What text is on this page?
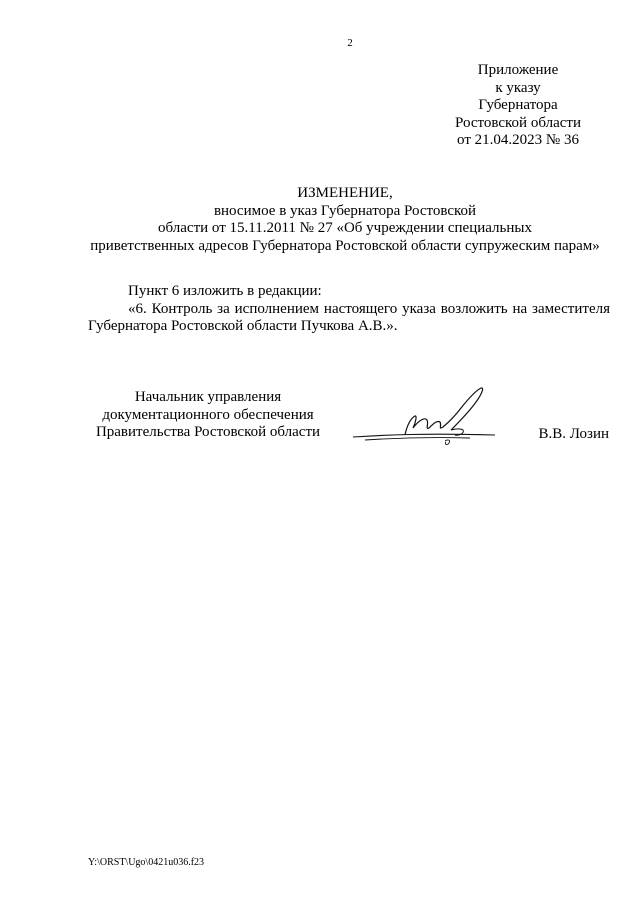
2
Приложение
к указу
Губернатора
Ростовской области
от 21.04.2023 № 36
ИЗМЕНЕНИЕ,
вносимое в указ Губернатора Ростовской
области от 15.11.2011 № 27 «Об учреждении специальных
приветственных адресов Губернатора Ростовской области супружеским парам»
Пункт 6 изложить в редакции:
«6. Контроль за исполнением настоящего указа возложить на заместителя Губернатора Ростовской области Пучкова А.В.».
Начальник управления
документационного обеспечения
Правительства Ростовской области	В.В. Лозин
Y:\ORST\Ugo\0421u036.f23
